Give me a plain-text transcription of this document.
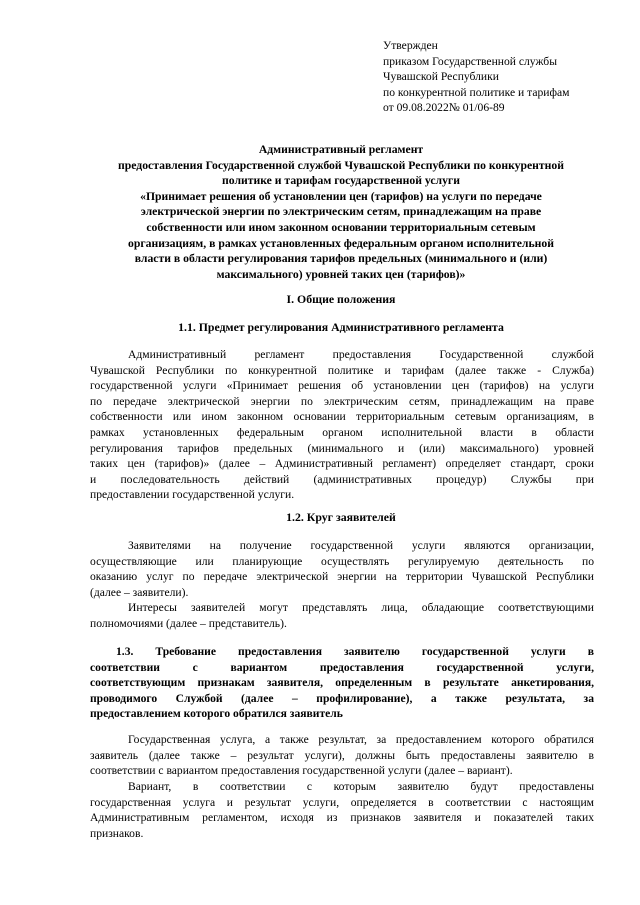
Утвержден
приказом Государственной службы
Чувашской Республики
по конкурентной политике и тарифам
от 09.08.2022№ 01/06-89
Административный регламент
предоставления Государственной службой Чувашской Республики по конкурентной
политике и тарифам государственной услуги
«Принимает решения об установлении цен (тарифов) на услуги по передаче
электрической энергии по электрическим сетям, принадлежащим на праве
собственности или ином законном основании территориальным сетевым
организациям, в рамках установленных федеральным органом исполнительной
власти в области регулирования тарифов предельных (минимального и (или)
максимального) уровней таких цен (тарифов)»
I. Общие положения
1.1. Предмет регулирования Административного регламента
Административный регламент предоставления Государственной службой
Чувашской Республики по конкурентной политике и тарифам (далее также - Служба)
государственной услуги «Принимает решения об установлении цен (тарифов) на услуги
по передаче электрической энергии по электрическим сетям, принадлежащим на праве
собственности или ином законном основании территориальным сетевым организациям, в
рамках установленных федеральным органом исполнительной власти в области
регулирования тарифов предельных (минимального и (или) максимального) уровней
таких цен (тарифов)» (далее – Административный регламент) определяет стандарт, сроки
и последовательность действий (административных процедур) Службы при
предоставлении государственной услуги.
1.2. Круг заявителей
Заявителями на получение государственной услуги являются организации,
осуществляющие или планирующие осуществлять регулируемую деятельность по
оказанию услуг по передаче электрической энергии на территории Чувашской Республики
(далее – заявители).
Интересы заявителей могут представлять лица, обладающие соответствующими
полномочиями (далее – представитель).
1.3. Требование предоставления заявителю государственной услуги в
соответствии с вариантом предоставления государственной услуги,
соответствующим признакам заявителя, определенным в результате анкетирования,
проводимого Службой (далее – профилирование), а также результата, за
предоставлением которого обратился заявитель
Государственная услуга, а также результат, за предоставлением которого обратился
заявитель (далее также – результат услуги), должны быть предоставлены заявителю в
соответствии с вариантом предоставления государственной услуги (далее – вариант).
Вариант, в соответствии с которым заявителю будут предоставлены
государственная услуга и результат услуги, определяется в соответствии с настоящим
Административным регламентом, исходя из признаков заявителя и показателей таких
признаков.
